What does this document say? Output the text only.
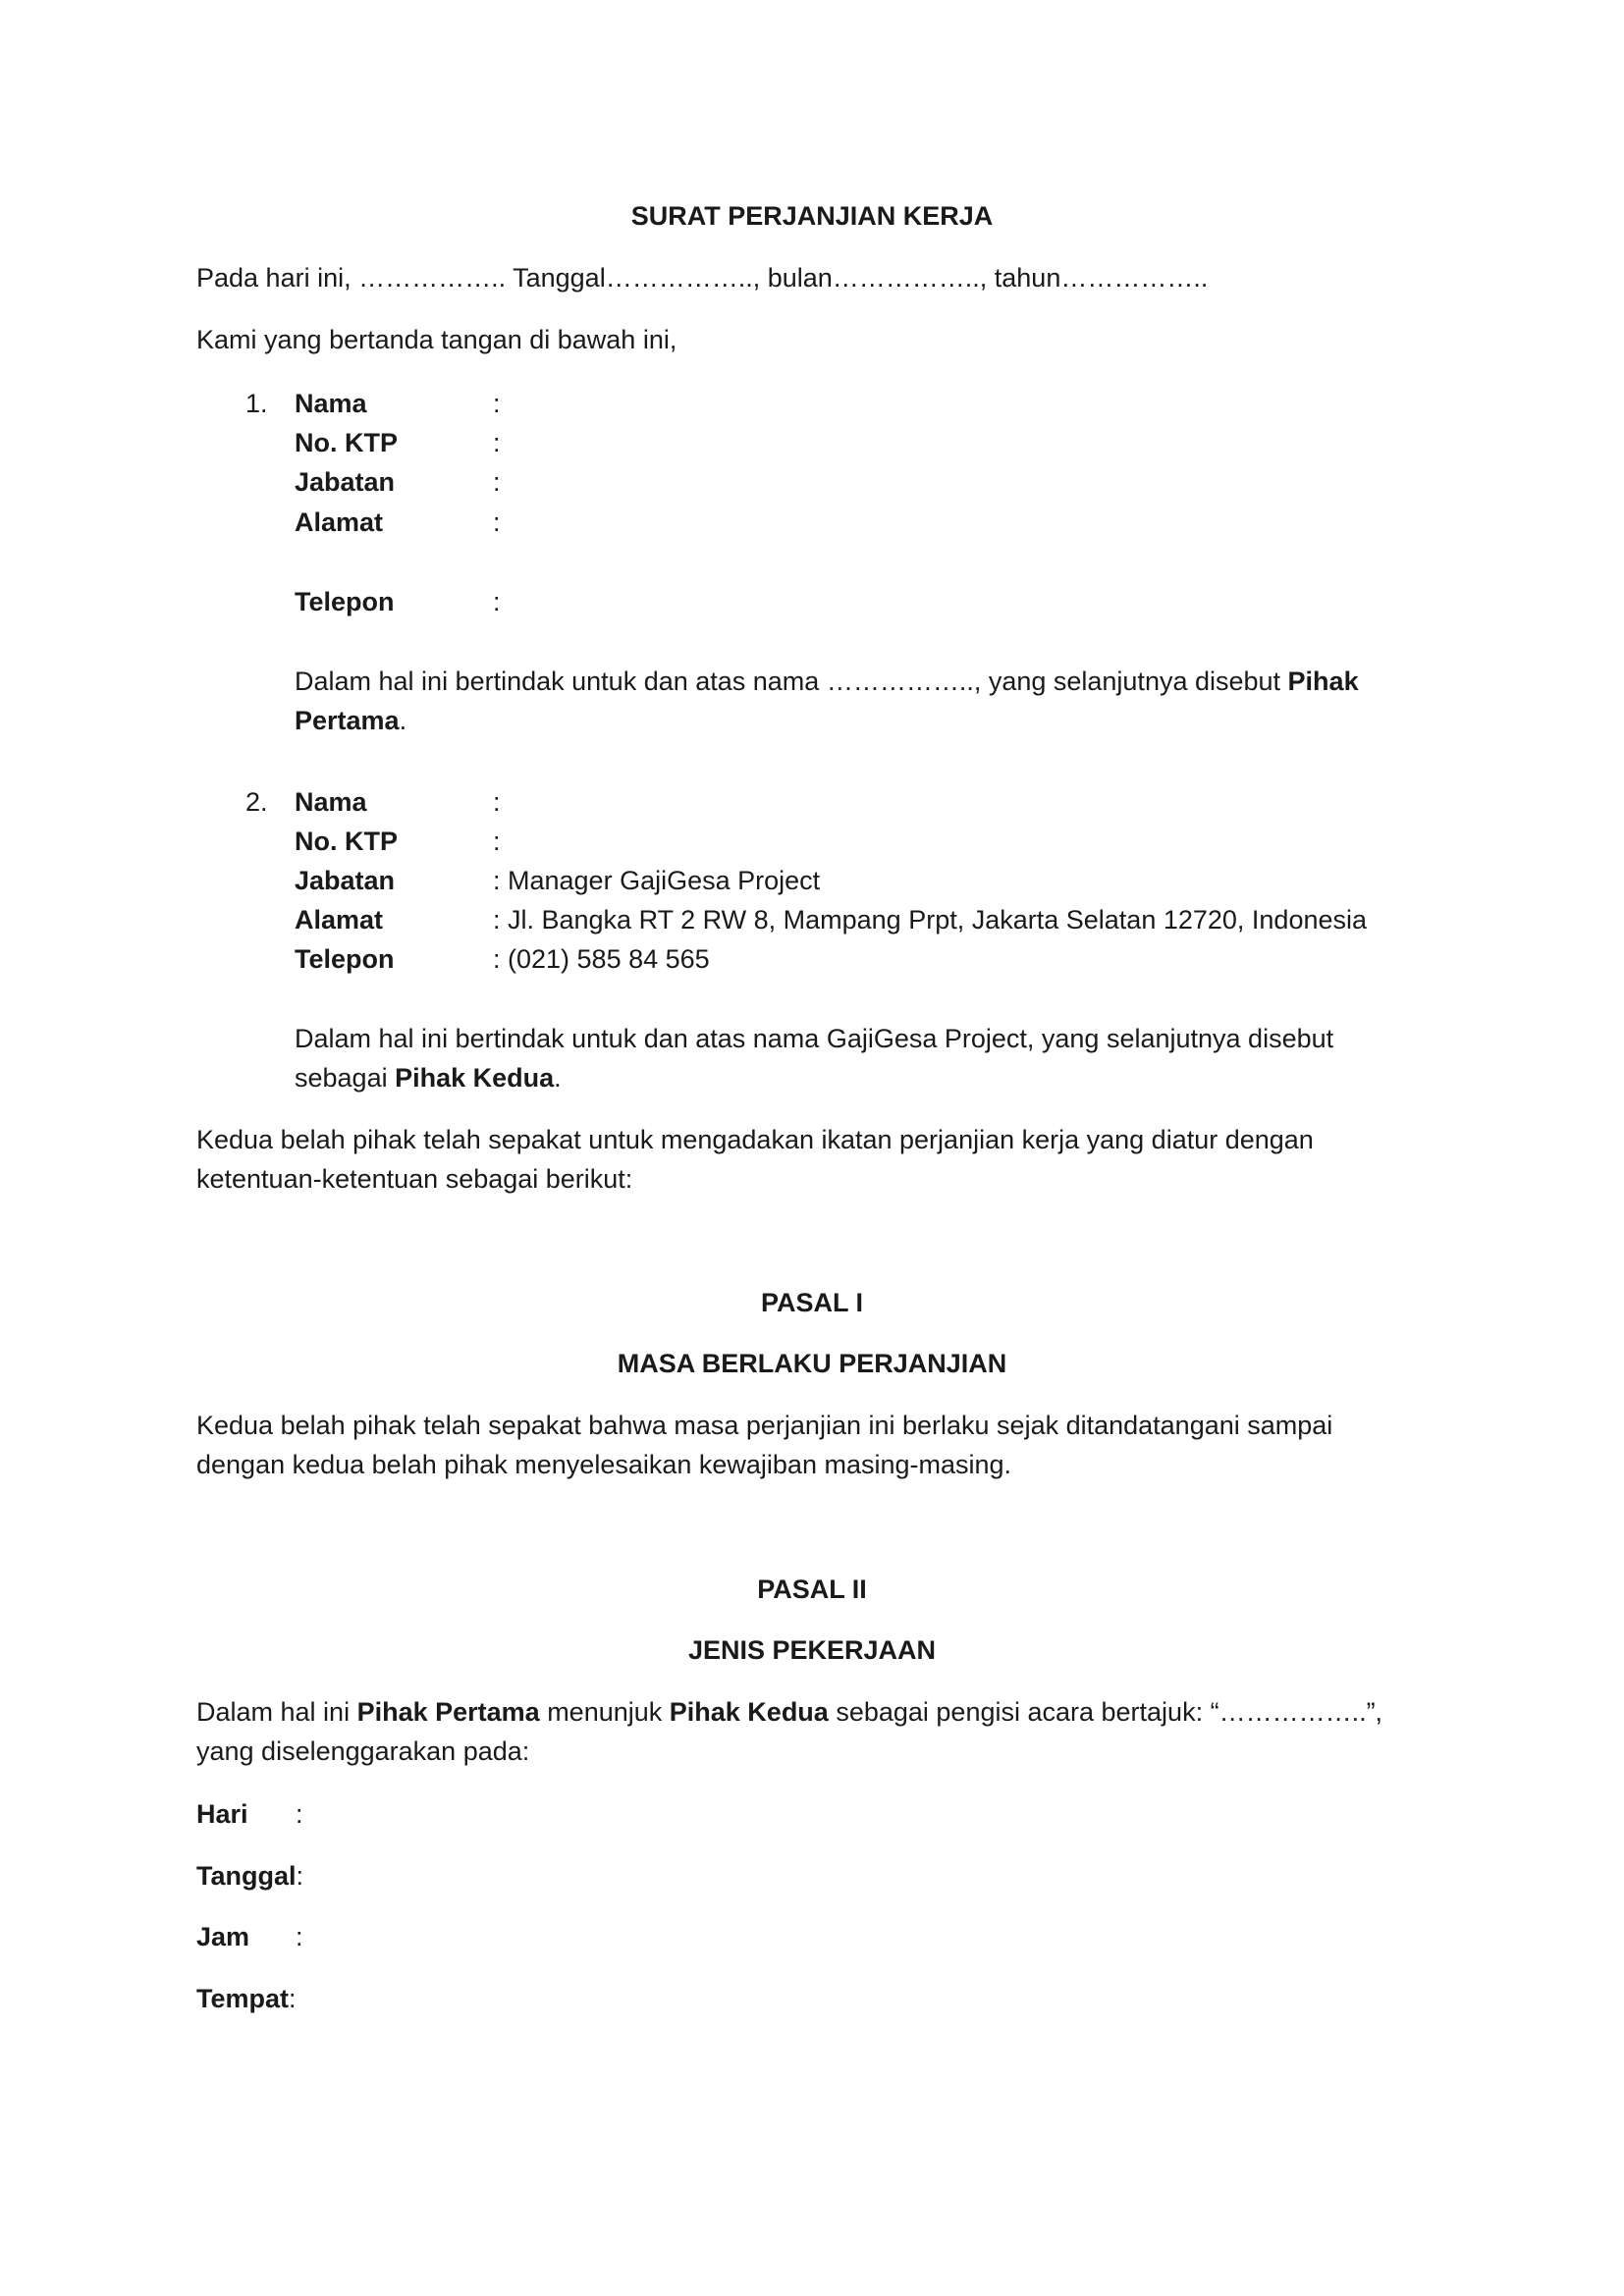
SURAT PERJANJIAN KERJA
Pada hari ini, …………….. Tanggal…………….., bulan…………….., tahun……………..
Kami yang bertanda tangan di bawah ini,
1. Nama	:
No. KTP	:
Jabatan	:
Alamat	:
Telepon	:
Dalam hal ini bertindak untuk dan atas nama …………….., yang selanjutnya disebut Pihak
Pertama.
2. Nama	:
No. KTP	:
Jabatan	: Manager GajiGesa Project
Alamat	: Jl. Bangka RT 2 RW 8, Mampang Prpt, Jakarta Selatan 12720, Indonesia
Telepon	: (021) 585 84 565
Dalam hal ini bertindak untuk dan atas nama GajiGesa Project, yang selanjutnya disebut
sebagai Pihak Kedua.
Kedua belah pihak telah sepakat untuk mengadakan ikatan perjanjian kerja yang diatur dengan
ketentuan-ketentuan sebagai berikut:
PASAL I
MASA BERLAKU PERJANJIAN
Kedua belah pihak telah sepakat bahwa masa perjanjian ini berlaku sejak ditandatangani sampai
dengan kedua belah pihak menyelesaikan kewajiban masing-masing.
PASAL II
JENIS PEKERJAAN
Dalam hal ini Pihak Pertama menunjuk Pihak Kedua sebagai pengisi acara bertajuk: “……………..”,
yang diselenggarakan pada:
Hari :
Tanggal:
Jam :
Tempat:
